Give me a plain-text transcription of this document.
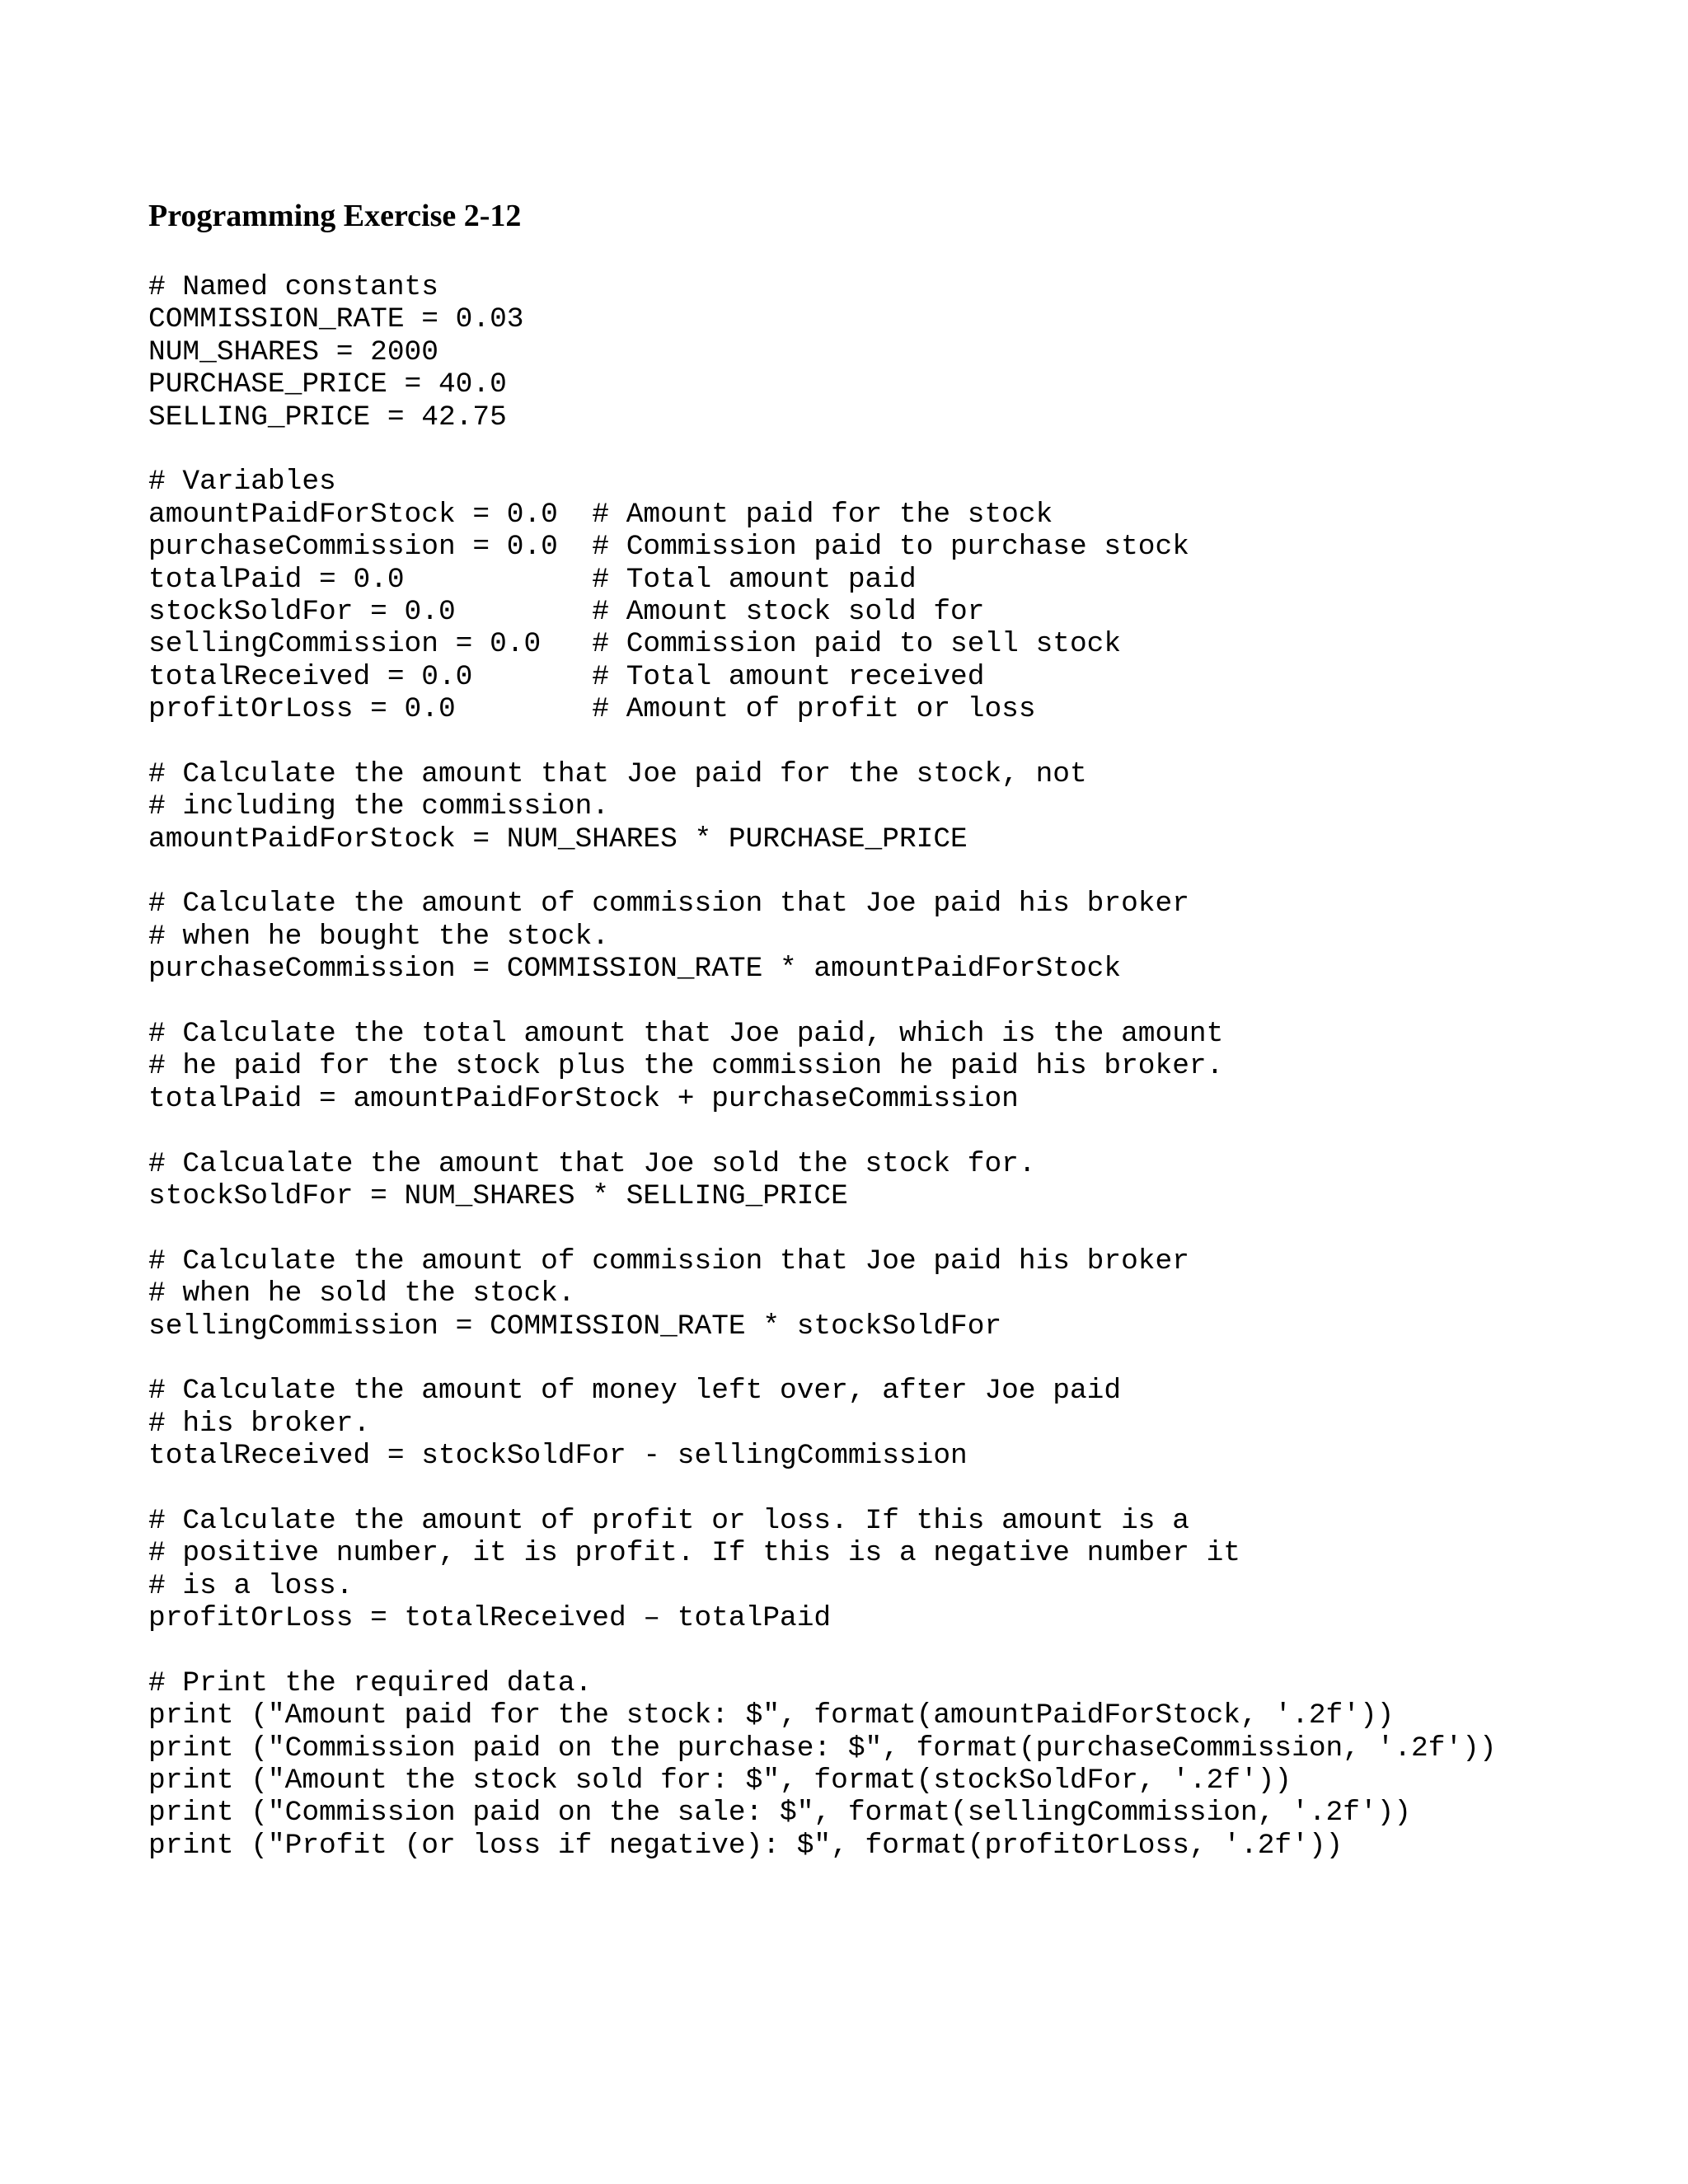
Programming Exercise 2-12
# Named constants
COMMISSION_RATE = 0.03
NUM_SHARES = 2000
PURCHASE_PRICE = 40.0
SELLING_PRICE = 42.75
# Variables
amountPaidForStock = 0.0  # Amount paid for the stock
purchaseCommission = 0.0  # Commission paid to purchase stock
totalPaid = 0.0           # Total amount paid
stockSoldFor = 0.0        # Amount stock sold for
sellingCommission = 0.0   # Commission paid to sell stock
totalReceived = 0.0       # Total amount received
profitOrLoss = 0.0        # Amount of profit or loss
# Calculate the amount that Joe paid for the stock, not
# including the commission.
amountPaidForStock = NUM_SHARES * PURCHASE_PRICE
# Calculate the amount of commission that Joe paid his broker
# when he bought the stock.
purchaseCommission = COMMISSION_RATE * amountPaidForStock
# Calculate the total amount that Joe paid, which is the amount
# he paid for the stock plus the commission he paid his broker.
totalPaid = amountPaidForStock + purchaseCommission
# Calcualate the amount that Joe sold the stock for.
stockSoldFor = NUM_SHARES * SELLING_PRICE
# Calculate the amount of commission that Joe paid his broker
# when he sold the stock.
sellingCommission = COMMISSION_RATE * stockSoldFor
# Calculate the amount of money left over, after Joe paid
# his broker.
totalReceived = stockSoldFor - sellingCommission
# Calculate the amount of profit or loss. If this amount is a
# positive number, it is profit. If this is a negative number it
# is a loss.
profitOrLoss = totalReceived – totalPaid
# Print the required data.
print ("Amount paid for the stock: $", format(amountPaidForStock, '.2f'))
print ("Commission paid on the purchase: $", format(purchaseCommission, '.2f'))
print ("Amount the stock sold for: $", format(stockSoldFor, '.2f'))
print ("Commission paid on the sale: $", format(sellingCommission, '.2f'))
print ("Profit (or loss if negative): $", format(profitOrLoss, '.2f'))
